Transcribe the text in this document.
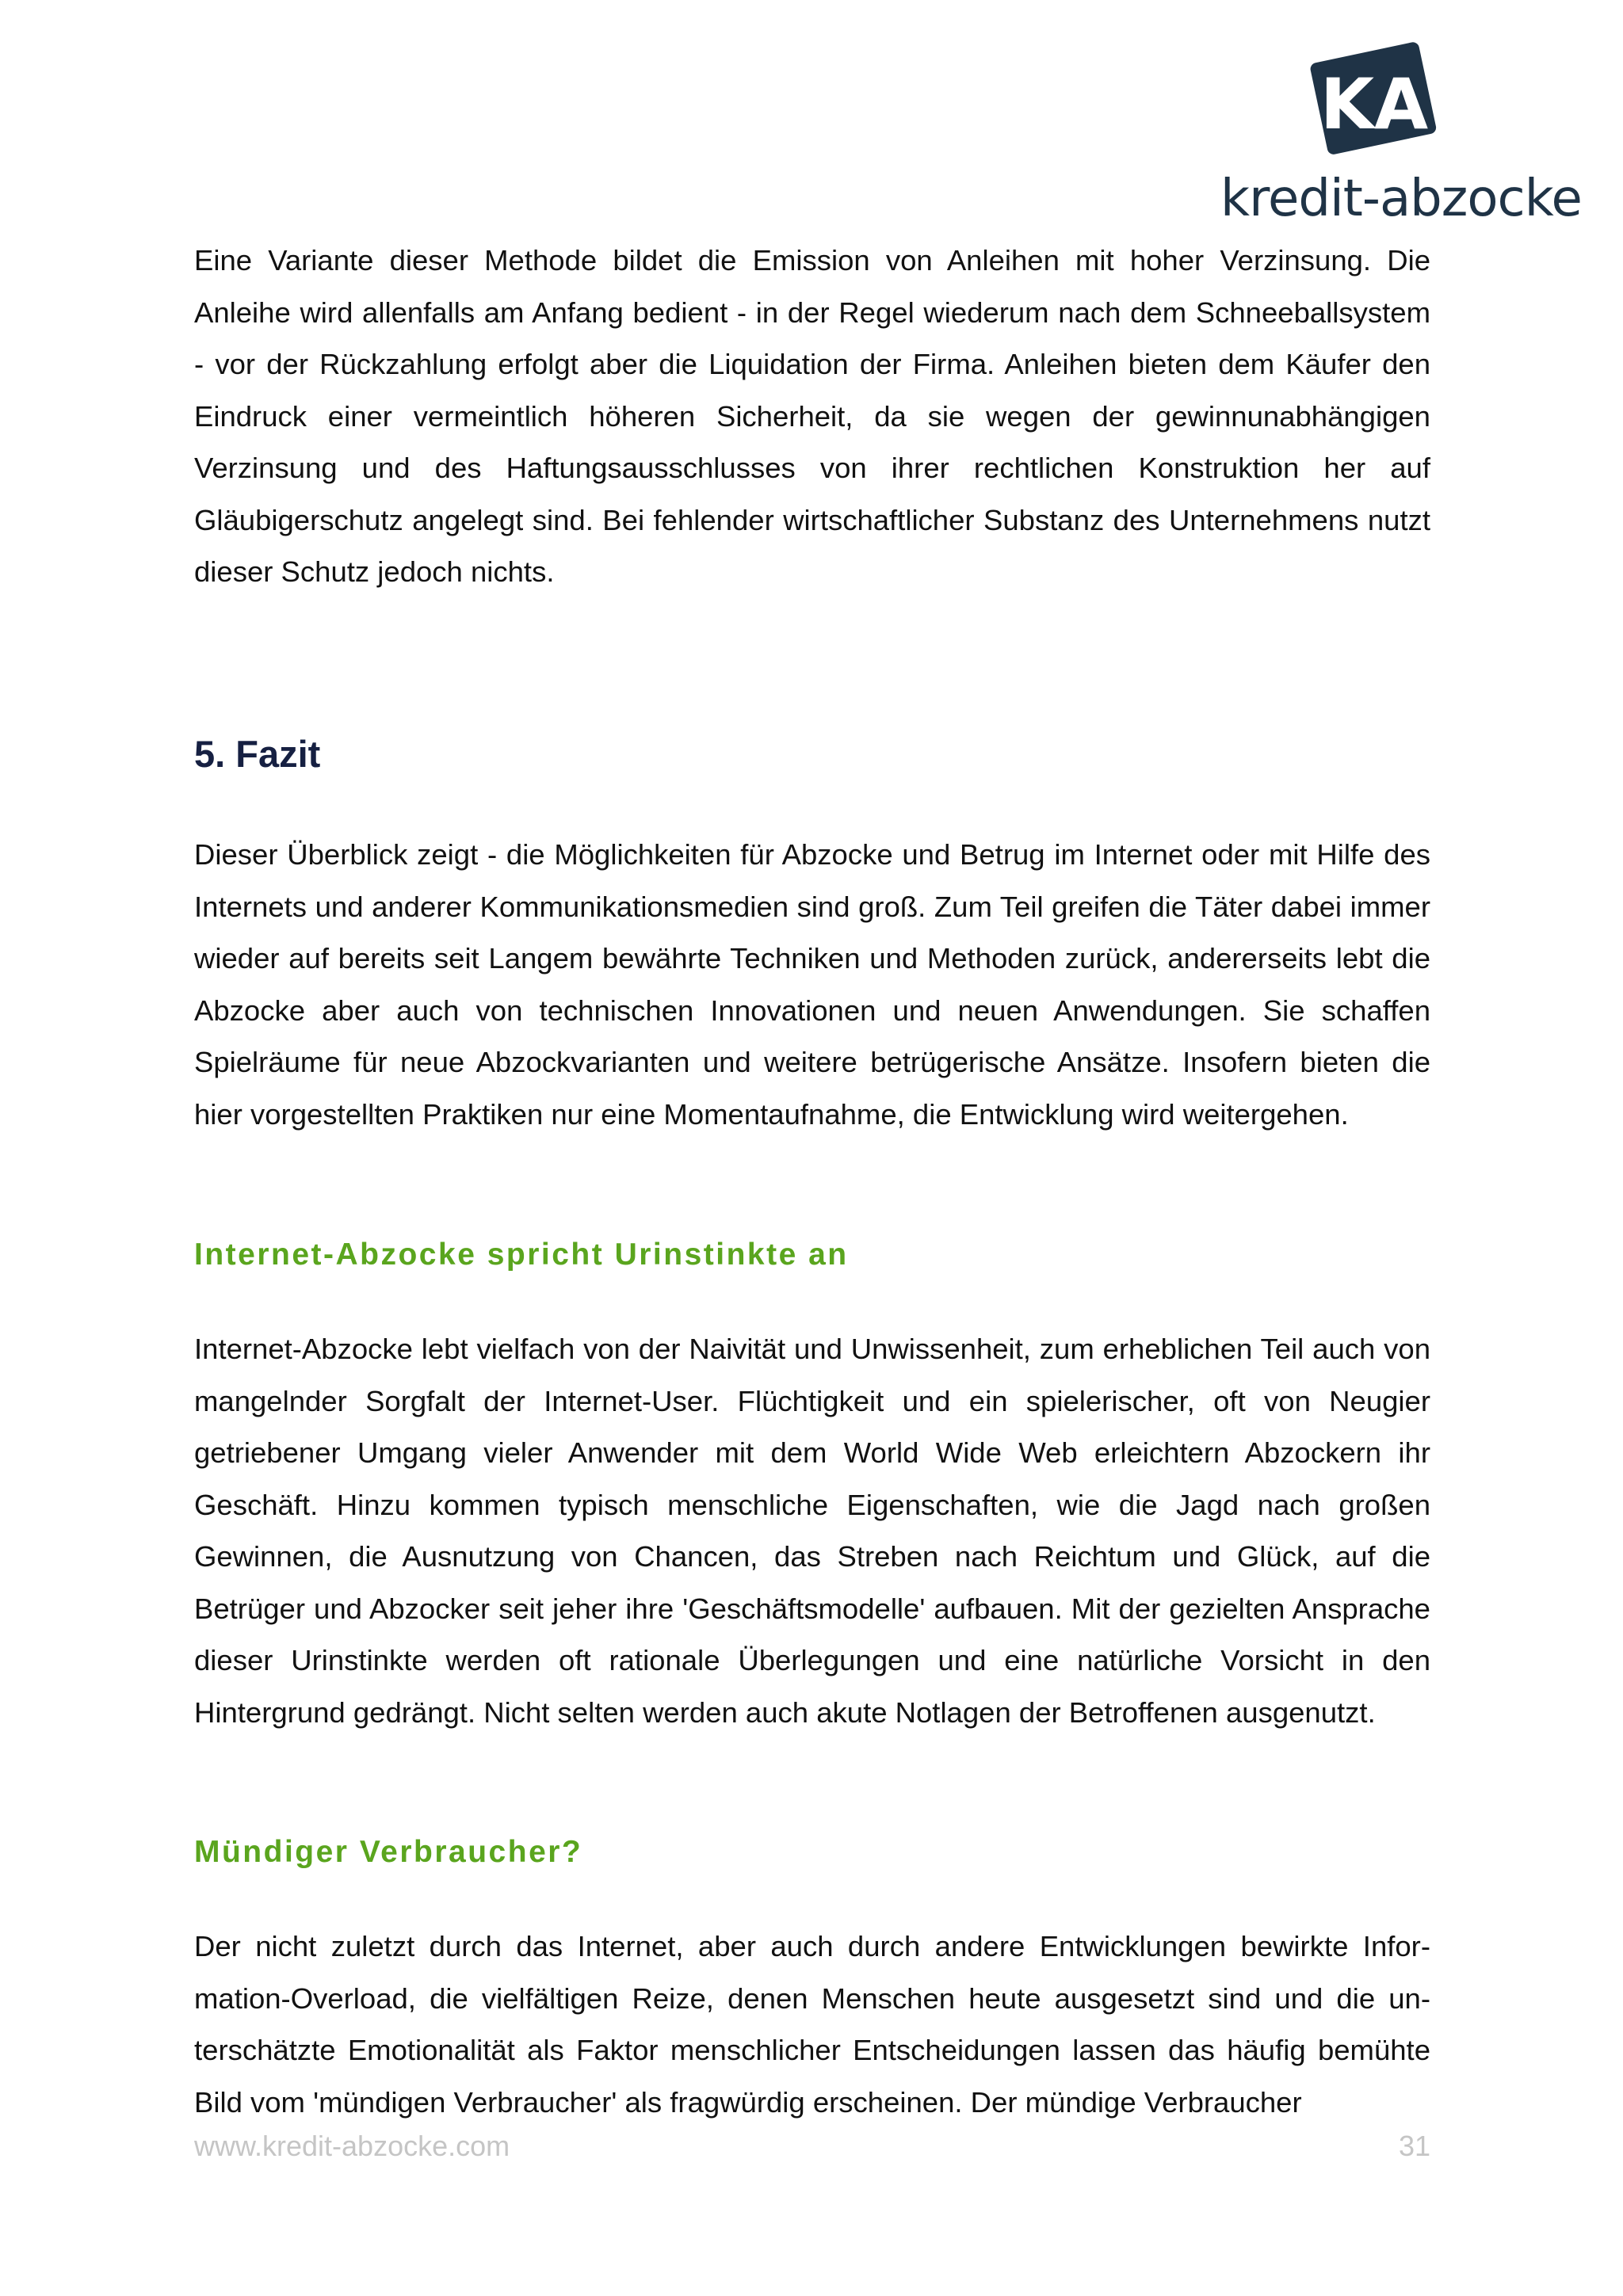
KA
kredit-abzocke

Eine Variante dieser Methode bildet die Emission von Anleihen mit hoher Verzinsung. Die Anleihe wird allenfalls am Anfang bedient - in der Regel wiederum nach dem Schneeballsystem - vor der Rückzahlung erfolgt aber die Liquidation der Firma. Anleihen bieten dem Käufer den Eindruck einer vermeintlich höheren Sicherheit, da sie wegen der gewinnunabhängigen Verzinsung und des Haftungsausschlusses von ihrer rechtlichen Konstruktion her auf Gläubigerschutz angelegt sind. Bei fehlender wirtschaftlicher Substanz des Unternehmens nutzt dieser Schutz jedoch nichts.

5. Fazit

Dieser Überblick zeigt - die Möglichkeiten für Abzocke und Betrug im Internet oder mit Hilfe des Internets und anderer Kommunikationsmedien sind groß. Zum Teil greifen die Täter dabei immer wieder auf bereits seit Langem bewährte Techniken und Methoden zurück, andererseits lebt die Abzocke aber auch von technischen Innovationen und neuen Anwendungen. Sie schaffen Spielräume für neue Abzockvarianten und weitere betrügerische Ansätze. Insofern bieten die hier vorgestellten Praktiken nur eine Momentaufnahme, die Entwicklung wird weitergehen.

Internet-Abzocke spricht Urinstinkte an

Internet-Abzocke lebt vielfach von der Naivität und Unwissenheit, zum erheblichen Teil auch von mangelnder Sorgfalt der Internet-User. Flüchtigkeit und ein spielerischer, oft von Neugier getriebener Umgang vieler Anwender mit dem World Wide Web erleichtern Abzockern ihr Geschäft. Hinzu kommen typisch menschliche Eigenschaften, wie die Jagd nach großen Gewinnen, die Ausnutzung von Chancen, das Streben nach Reichtum und Glück, auf die Betrüger und Abzocker seit jeher ihre 'Geschäftsmodelle' aufbauen. Mit der gezielten Ansprache dieser Urinstinkte werden oft rationale Überlegungen und eine natürliche Vorsicht in den Hintergrund gedrängt. Nicht selten werden auch akute Notlagen der Betroffenen ausgenutzt.

Mündiger Verbraucher?

Der nicht zuletzt durch das Internet, aber auch durch andere Entwicklungen bewirkte Information-Overload, die vielfältigen Reize, denen Menschen heute ausgesetzt sind und die unterschätzte Emotionalität als Faktor menschlicher Entscheidungen lassen das häufig bemühte Bild vom 'mündigen Verbraucher' als fragwürdig erscheinen. Der mündige Verbraucher

www.kredit-abzocke.com	31
